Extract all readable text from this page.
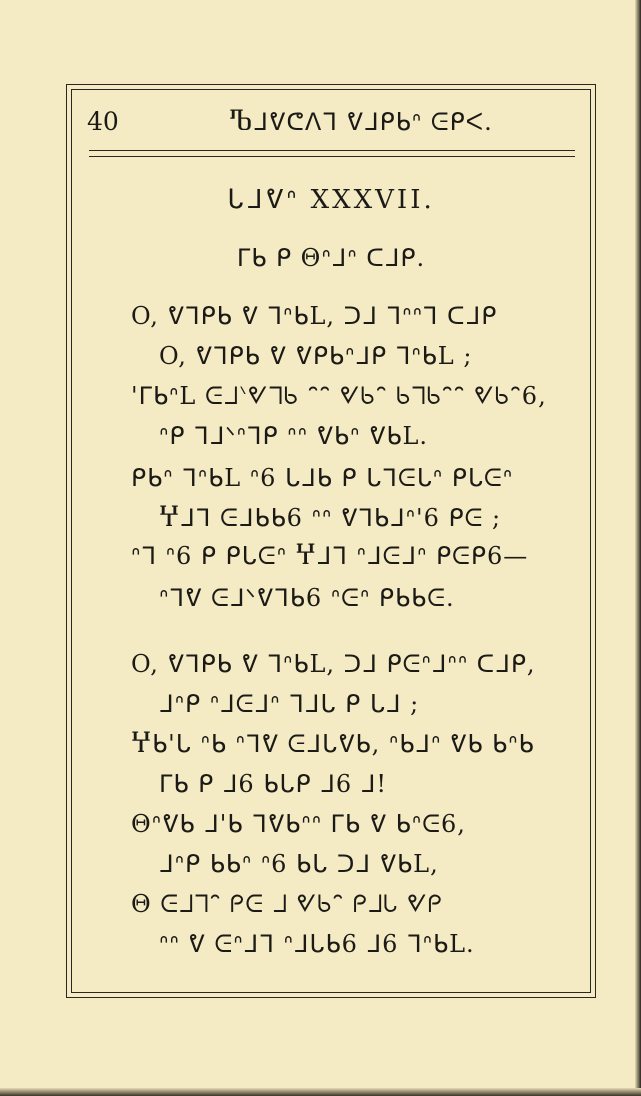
40	Ⴊᒧᕓᕦᐱᒣ ᕓᒧᑭᑲᐢ ᕮᑭᐸ.
ᒐᒧᕓᐢ XXXVII.
ᒥᑲ ᑭ Θᐢᒧᐢ ᑕᒧᑭ.
O, ᕓᒣᑭᑲ ᕓ ᒣᐢᑲL, ᑐᒧ ᒣᐢᐢᒣ ᑕᒧᑭ
O, ᕓᒣᑭᑲ ᕓ ᕓᑭᑲᐢᒧᑭ ᒣᐢᑲL ;
'ᒥᑲᐢL ᕮᒧᐠᕓᒣᑲ ᐢᐢ ᕓᑲᐢ ᑲᒣᑲᐢᐢ ᕓᑲᐢ6,
ᐢᑭ ᒣᒧᐠᐢᒣᑭ ᐢᐢ ᕓᑲᐢ ᕓᑲL.
ᑭᑲᐢ ᒣᐢᑲL ᐢ6 ᒐᒧᑲ ᑭ ᒐᒣᕮᒐᐢ ᑭᒐᕮᐢ
Ⴤᒧᒣ ᕮᒧᑲᑲ6 ᐢᐢ ᕓᒣᑲᒧᐢ'6 ᑭᕮ ;
ᐢᒣ ᐢ6 ᑭ ᑭᒐᕮᐢ Ⴤᒧᒣ ᐢᒧᕮᒧᐢ ᑭᕮᑭ6—
ᐢᒣᕓ ᕮᒧᐠᕓᒣᑲ6 ᐢᕮᐢ ᑭᑲᑲᕮ.
O, ᕓᒣᑭᑲ ᕓ ᒣᐢᑲL, ᑐᒧ ᑭᕮᐢᒧᐢᐢ ᑕᒧᑭ,
ᒧᐢᑭ ᐢᒧᕮᒧᐢ ᒣᒧᒐ ᑭ ᒐᒧ ;
Ⴤᑲ'ᒐ ᐢᑲ ᐢᒣᕓ ᕮᒧᒐᕓᑲ, ᐢᑲᒧᐢ ᕓᑲ ᑲᐢᑲ
ᒥᑲ ᑭ ᒧ6 ᑲᒐᑭ ᒧ6 ᒧ!
Θᐢᕓᑲ ᒧ'ᑲ ᒣᕓᑲᐢᐢ ᒥᑲ ᕓ ᑲᐢᕮ6,
ᒧᐢᑭ ᑲᑲᐢ ᐢ6 ᑲᒐ ᑐᒧ ᕓᑲL,
Θ ᕮᒧᒣᐢ ᑭᕮ ᒧ ᕓᑲᐢ ᑭᒧᒐ ᕓᑭ
ᐢᐢ ᕓ ᕮᐢᒧᒣ ᐢᒧᒐᑲ6 ᒧ6 ᒣᐢᑲL.
